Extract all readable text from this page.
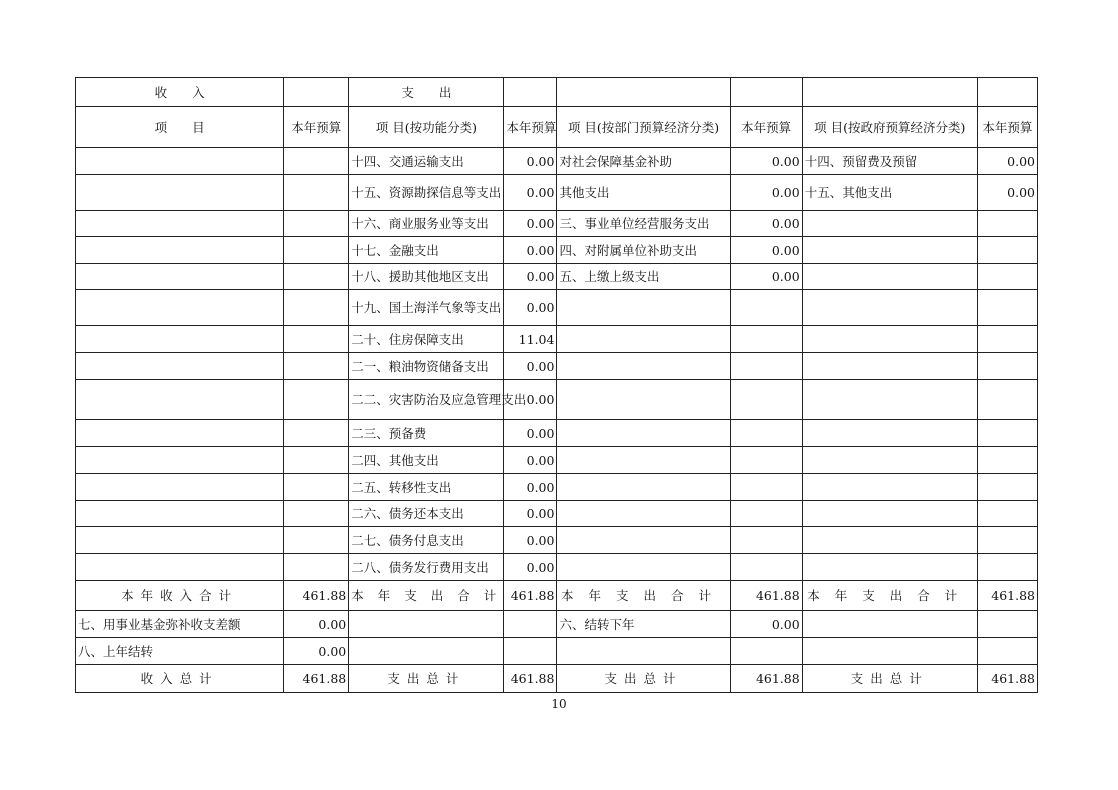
收　　入		支　　出					
项　　目	本年预算	项 目(按功能分类)	本年预算	项 目(按部门预算经济分类)	本年预算	项 目(按政府预算经济分类)	本年预算
		十四、交通运输支出	0.00	对社会保障基金补助	0.00	十四、预留费及预留	0.00
		十五、资源勘探信息等支出	0.00	其他支出	0.00	十五、其他支出	0.00
		十六、商业服务业等支出	0.00	三、事业单位经营服务支出	0.00		
		十七、金融支出	0.00	四、对附属单位补助支出	0.00		
		十八、援助其他地区支出	0.00	五、上缴上级支出	0.00		
		十九、国土海洋气象等支出	0.00				
		二十、住房保障支出	11.04				
		二一、粮油物资储备支出	0.00				
		二二、灾害防治及应急管理支出	0.00				
		二三、预备费	0.00				
		二四、其他支出	0.00				
		二五、转移性支出	0.00				
		二六、债务还本支出	0.00				
		二七、债务付息支出	0.00				
		二八、债务发行费用支出	0.00				
本年收入合计	461.88	本年支出合计	461.88	本年支出合计	461.88	本年支出合计	461.88
七、用事业基金弥补收支差额	0.00			六、结转下年	0.00		
八、上年结转	0.00						
收入总计	461.88	支出总计	461.88	支出总计	461.88	支出总计	461.88
10
